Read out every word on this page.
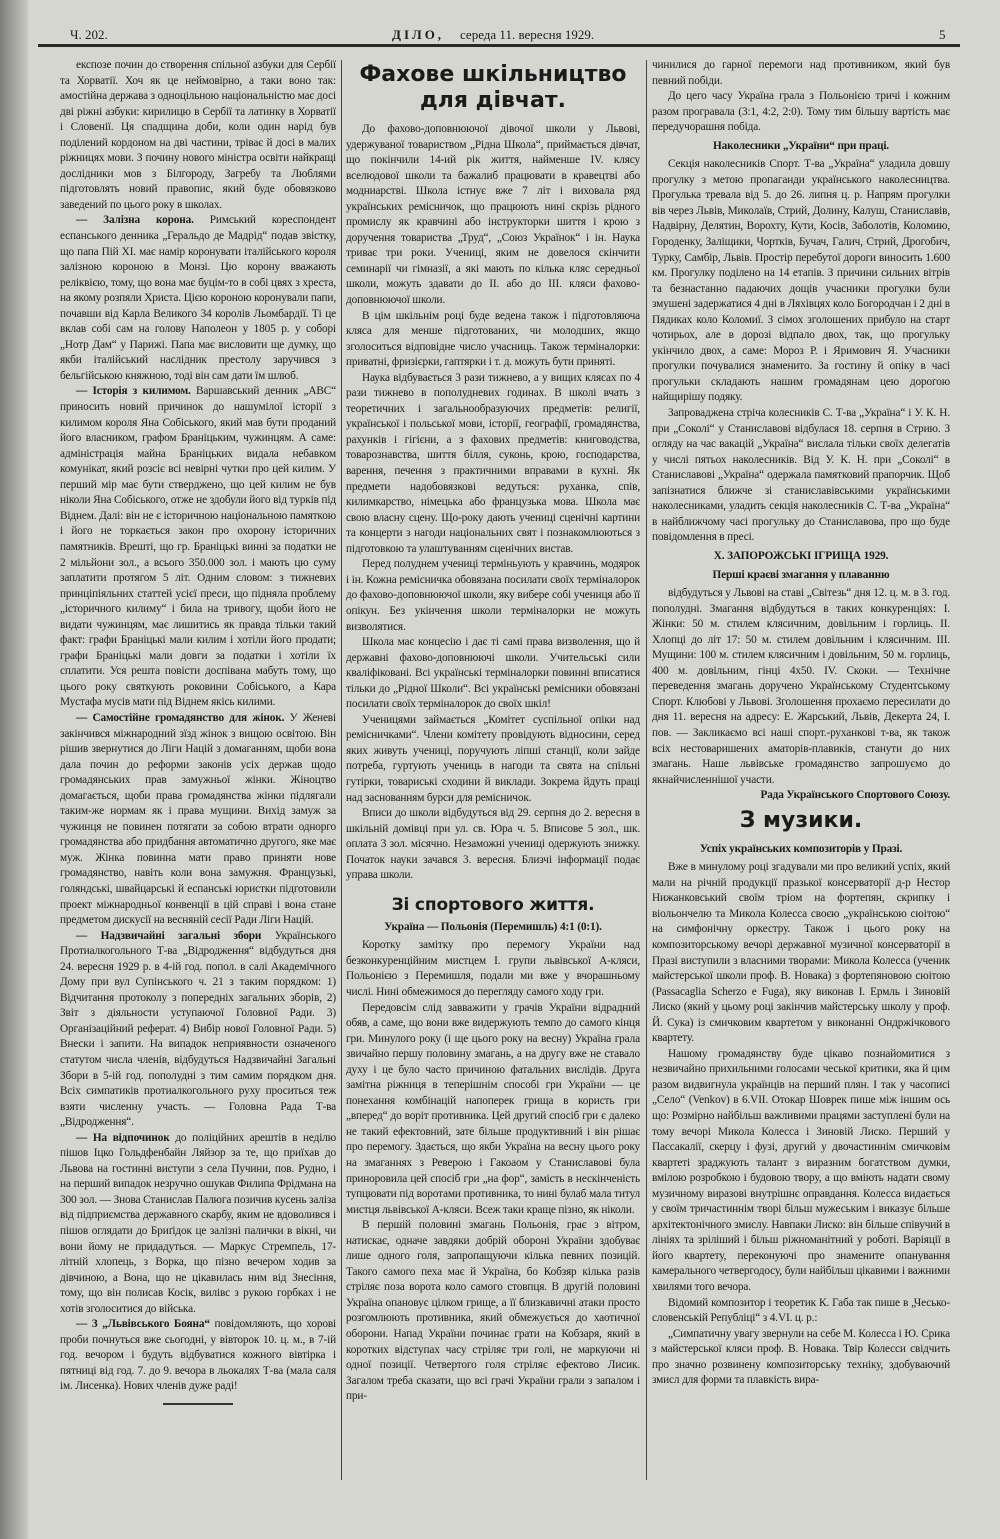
Ч. 202.	ДІЛО, середа 11. вересня 1929.	5

експозе почин до створення спільної азбуки для Сербії та Хорватії. Хоч як це неймовірно, а таки воно так: амостійна держава з одноцільною національністю має досі дві ріжні азбуки: кирилицю в Сербії та латинку в Хорватії і Словенії. Ця спадщина доби, коли один нарід був поділений кордоном на дві частини, тріває й досі в малих ріжницях мови. З почину нового міністра освіти найкращі дослідники мов з Білгороду, Загребу та Люблями підготовлять новий правопис, який буде обовязково заведений по цього року в школах.

— Залізна корона. Римський кореспондент еспанського денника „Геральдо де Мадрід“ подав звістку, що папа Пій XI. має намір коронувати італійського короля залізною короною в Монзі. Цю корону вважають реліквією, тому, що вона має буцім-то в собі цвях з хреста, на якому розпяли Христа. Цією короною коронували папи, почавши від Карла Великого 34 королів Льомбардії. Ті це вклав собі сам на голову Наполеон у 1805 р. у соборі „Нотр Дам“ у Парижі. Папа має висловити ще думку, що якби італійський наслідник престолу заручився з бельгійською княжною, тоді він сам дати їм шлюб.

— Історія з килимом. Варшавський денник „АВС“ приносить новий причинок до нашумілої історії з килимом короля Яна Собіського, який мав бути проданий його власником, графом Браніцьким, чужинцям. А саме: адміністрація майна Браніцьких видала небавком комунікат, який розсіє всі невірні чутки про цей килим. У перший мір має бути стверджено, що цей килим не був ніколи Яна Собіського, отже не здобули його від турків під Віднем. Далі: він не є історичною національною памяткою і його не торкається закон про охорону історичних памятників. Врешті, що гр. Браніцькі винні за податки не 2 мільйони зол., а всього 350.000 зол. і мають цю суму заплатити протягом 5 літ. Одним словом: з тижневих принціпіяльних статтей усієї преси, що підняла проблему „історичного килиму“ і била на тривогу, щоби його не видати чужинцям, має лишитись як правда тільки такий факт: графи Браніцькі мали килим і хотіли його продати; графи Браніцькі мали довги за податки і хотіли їх сплатити. Уся решта повісти доспівана мабуть тому, що цього року святкують роковини Собіського, а Кара Мустафа мусів мати під Віднем якісь килими.

— Самостійне громадянство для жінок. У Женеві закінчився міжнародний зїзд жінок з вищою освітою. Він рішив звернутися до Ліги Націй з домаганням, щоби вона дала почин до реформи законів усіх держав щодо громадянських прав замужньої жінки. Жіноцтво домагається, щоби права громадянства жінки підлягали таким-же нормам як і права мущини. Вихід замуж за чужинця не повинен потягати за собою втрати однорго громадянства або придбання автоматично другого, яке має муж. Жінка повинна мати право приняти нове громадянство, навіть коли вона замужня. Французькі, голяндські, швайцарські й еспанські юристки підготовили проект міжнародньої конвенції в цій справі і вона стане предметом дискусії на весняній сесії Ради Ліги Націй.

— Надзвичайні загальні збори Українського Протиалкогольного Т-ва „Відродження“ відбудуться дня 24. вересня 1929 р. в 4-ій год. попол. в салі Академічного Дому при вул Супінського ч. 21 з таким порядком: 1) Відчитання протоколу з попередніх загальних зборів, 2) Звіт з діяльности уступаючої Головної Ради. 3) Організаційний реферат. 4) Вибір нової Головної Ради. 5) Внески і запити. На випадок неприявности означеного статутом числа членів, відбудуться Надзвичайні Загальні Збори в 5-ій год. пополудні з тим самим порядком дня. Всіх симпатиків протиалкогольного руху проситься теж взяти численну участь. — Головна Рада Т-ва „Відродження“.

— На відпочинок до поліційних арештів в неділю пішов Іцко Гольдфенбайн Ляйзор за те, що приїхав до Львова на гостинні виступи з села Пучини, пов. Рудно, і на перший випадок незручно ошукав Филипа Фрідмана на 300 зол. — Знова Станислав Палюга позичив кусень заліза від підприємства державного скарбу, яким не вдоволився і пішов оглядати до Бриґідок це залізні палички в вікні, чи вони йому не придадуться. — Маркус Стремпель, 17-літній хлопець, з Ворка, що пізно вечером ходив за дівчиною, а Вона, що не цікавилась ним від Знесіння, тому, що він полисав Косік, вилівс з рукою горбках і не хотів зголоситися до війська.

— З „Львівського Бояна“ повідомляють, що хорові проби почнуться вже сьогодні, у вівторок 10. ц. м., в 7-ій год. вечором і будуть відбуватися кожного вівтірка і пятниці від год. 7. до 9. вечора в льокалях Т-ва (мала саля ім. Лисенка). Нових членів дуже раді!

Фахове шкільництво для дівчат.

До фахово-доповнюючої дівочої школи у Львові, удержуваної товариством „Рідна Школа“, приймається дівчат, що покінчили 14-ий рік життя, найменше IV. клясу вселюдової школи та бажалиб працювати в кравецтві або модниарстві. Школа істнує вже 7 літ і виховала ряд українських ремісничок, що працюють нині скрізь рідного промислу як кравчині або інструкторки шиття і крою з доручення товариства „Труд“, „Союз Українок“ і ін. Наука триває три роки. Учениці, яким не довелося скінчити семинарії чи гімназії, а які мають по кілька кляс середньої школи, можуть здавати до II. або до III. кляси фахово-доповнюючої школи.

В цім шкільнім році буде ведена також і підготовляюча кляса для менше підготованих, чи молодших, якщо зголоситься відповідне число учасниць. Також терміналорки: приватні, фризієрки, гаптярки і т. д. можуть бути приняті.

Наука відбувається 3 рази тижнево, а у вищих клясах по 4 рази тижнево в пополудневих годинах. В школі вчать з теоретичних і загальнообразуючих предметів: религії, української і польської мови, історії, географії, громадянства, рахунків і гігієни, а з фахових предметів: книговодства, товарознавства, шиття білля, суконь, крою, господарства, варення, печення з практичними вправами в кухні. Як предмети надобовязкові ведуться: руханка, спів, килимкарство, німецька або французька мова. Школа має свою власну сцену. Що-року дають учениці сценічні картини та концерти з нагоди національних свят і познакомлюються з підготовкою та улаштуванням сценічних вистав.

Перед полуднем учениці терміньують у кравчинь, модярок і ін. Кожна ремісничка обовязана посилати своїх терміналорок до фахово-доповнюючої школи, яку вибере собі учениця або її опікун. Без укінчення школи терміналорки не можуть визволятися.

Школа має концесію і дає ті самі права визволення, що й державні фахово-доповнюючі школи. Учительські сили кваліфіковані. Всі українські терміналорки повинні вписатися тільки до „Рідної Школи“. Всі українські ремісники обовязані посилати своїх терміналорок до своїх шкіл!

Ученицями займається „Комітет суспільної опіки над ремісничками“. Члени комітету провідують відносини, серед яких живуть учениці, поручують ліпші станції, коли зайде потреба, гуртують учениць в нагоди та свята на спільні гутірки, товариські сходини й виклади. Зокрема йдуть праці над заснованням бурси для ремісничок.

Вписи до школи відбудуться від 29. серпня до 2. вересня в шкільній домівці при ул. св. Юра ч. 5. Вписове 5 зол., шк. оплата 3 зол. місячно. Незаможні учениці одержують знижку. Початок науки зачався 3. вересня. Близчі інформації подає управа школи.

Зі спортового життя.

Україна — Польонія (Перемишль) 4:1 (0:1).

Коротку замітку про перемогу України над безконкуренційним мистцем I. групи львівської А-кляси, Польонією з Перемишля, подали ми вже у вчорашньому числі. Нині обмежимося до перегляду самого ходу гри.

Передовсім слід завважити у грачів України відрадний обяв, а саме, що вони вже видержують темпо до самого кінця гри. Минулого року (і ще цього року на весну) Україна грала звичайно першу половину змагань, а на другу вже не ставало духу і це було часто причиною фатальних вислідів. Друга замітна ріжниця в теперішнім способі гри України — це понехання комбінацій напоперек грища в користь гри „вперед“ до воріт противника. Цей другий спосіб гри є далеко не такий ефектовний, зате більше продуктивний і він рішає про перемогу. Здається, що якби Україна на весну цього року на змаганнях з Реверою і Гакоаом у Станиславові була приноровила цей спосіб гри „на фор“, замість в нескінченість тупцювати під воротами противника, то нині булаб мала титул мистця львівської А-кляси. Всеж таки краще пізно, як ніколи.

В першій половині змагань Польонія, грає з вітром, натискає, одначе завдяки добрій обороні України здобуває лише одного голя, запропащуючи кілька певних позицій. Такого самого пеха має й Україна, бо Кобзяр кілька разів стріляє поза ворота коло самого стовпця. В другій половині Україна опановує цілком грище, а її близкавичні атаки просто розгомлюють противника, який обмежується до хаотичної оборони. Напад України починає грати на Кобзаря, який в коротких відступах часу стріляє три голі, не маркуючи ні одної позиції. Четвертого голя стріляє ефектово Лисик. Загалом треба сказати, що всі грачі України грали з запалом і при-

чинилися до гарної перемоги над противником, який був певний побіди.

До цего часу Україна грала з Польонією тричі і кожним разом програвала (3:1, 4:2, 2:0). Тому тим більшу вартість має передучорашня побіда.

Наколесники „України“ при праці.

Секція наколесників Спорт. Т-ва „Україна“ уладила довшу прогулку з метою пропаганди українського наколесництва. Прогулька тревала від 5. до 26. липня ц. р. Напрям прогулки вів через Львів, Миколаїв, Стрий, Долину, Калуш, Станиславів, Надвірну, Делятин, Ворохту, Кути, Косів, Заболотів, Коломию, Городенку, Заліщики, Чортків, Бучач, Галич, Стрий, Дрогобич, Турку, Самбір, Львів. Простір перебутої дороги виносить 1.600 км. Прогулку поділено на 14 етапів. З причини сильних вітрів та безнастанно падаючих дощів учасники прогулки були змушені задержатися 4 дні в Ляхівцях коло Богородчан і 2 дні в Пядиках коло Коломиї. З сімох зголошених прибуло на старт чотирьох, але в дорозі відпало двох, так, що прогульку укінчило двох, а саме: Мороз Р. і Яримович Я. Учасники прогулки почувалися знаменито. За гостину й опіку в часі прогульки складають нашим громадянам цею дорогою найщирішу подяку.

Запроваджена стріча колесників С. Т-ва „Україна“ і У. К. Н. при „Соколі“ у Станиславові відбулася 18. серпня в Стрию. З огляду на час вакацій „Україна“ вислала тільки своїх делегатів у числі пятьох наколесників. Від У. К. Н. при „Соколі“ в Станиславові „Україна“ одержала памятковий прапорчик. Щоб запізнатися ближче зі станиславівськими українськими наколесниками, уладить секція наколесників С. Т-ва „Україна“ в найближчому часі прогульку до Станиславова, про що буде повідомлення в пресі.

Х. ЗАПОРОЖСЬКІ ІГРИЩА 1929.

Перші краєві змагання у плаванню

відбудуться у Львові на ставі „Світезь“ дня 12. ц. м. в 3. год. пополудні. Змагання відбудуться в таких конкуренціях: I. Жінки: 50 м. стилем клясичним, довільним і горлиць. II. Хлопці до літ 17: 50 м. стилем довільним і клясичним. III. Мущини: 100 м. стилем клясичним і довільним, 50 м. горлиць, 400 м. довільним, гінці 4x50. IV. Скоки. — Технічне переведення змагань доручено Українському Студентському Спорт. Клюбові у Львові. Зголошення прохаємо пересилати до дня 11. вересня на адресу: Е. Жарський, Львів, Декерта 24, I. пов. — Закликаємо всі наші спорт.-руханкові т-ва, як також всіх нестоваришених аматорів-плавиків, станути до них змагань. Наше львівське громадянство запрошуємо до якнайчисленнішої участи.

Рада Українського Спортового Союзу.

З музики.

Успіх українських композиторів у Празі.

Вже в минулому році згадували ми про великий успіх, який мали на річній продукції празької консерваторії д-р Нестор Нижанковський своїм тріом на фортепян, скрипку і віольончелю та Микола Колесса своєю „українською сюітою“ на симфонічну оркестру. Також і цього року на композиторському вечорі державної музичної консерваторії в Празі виступили з власними творами: Микола Колесса (ученик майстерської школи проф. В. Новака) з фортепяновою сюітою (Passacaglia Scherzo e Fuga), яку виконав І. Ермль і Зиновій Лиско (який у цьому році закінчив майстерську школу у проф. Й. Сука) із смичковим квартетом у виконанні Ондржічкового квартету.

Нашому громадянству буде цікаво познайомитися з незвичайно прихильними голосами чеської критики, яка й цим разом видвигнула українців на перший плян. І так у часописі „Село“ (Venkov) в 6.VII. Отокар Шоврек пише між іншим ось що: Розмірно найбільш важливими працями заступлені були на тому вечорі Микола Колесса і Зиновій Лиско. Перший у Пассакалії, скерцу і фузі, другий у двочастиннім смичковім квартеті зраджують талант з виразним богатством думки, вмілою розробкою і будовою твору, а що вміють надати свому музичному виразові внутрішнє оправдання. Колесса видається у своїм тричастиннім творі більш мужеським і виказує більше архітектонічного змислу. Навпаки Лиско: він більше співучий в лініях та зріліший і більш ріжноманітний у роботі. Варіяції в його квартету, переконуючі про знамените опанування камерального четвергодосу, були найбільш цікавими і важними хвилями того вечора.

Відомий композитор і теоретик К. Габа так пише в „Чесько-словенській Републіці“ з 4.VI. ц. р.:

„Симпатичну увагу звернули на себе М. Колесса і Ю. Срика з майстерської кляси проф. В. Новака. Твір Колесси свідчить про значно розвинену композиторську техніку, здобуваючий змисл для форми та плавкість вира-
